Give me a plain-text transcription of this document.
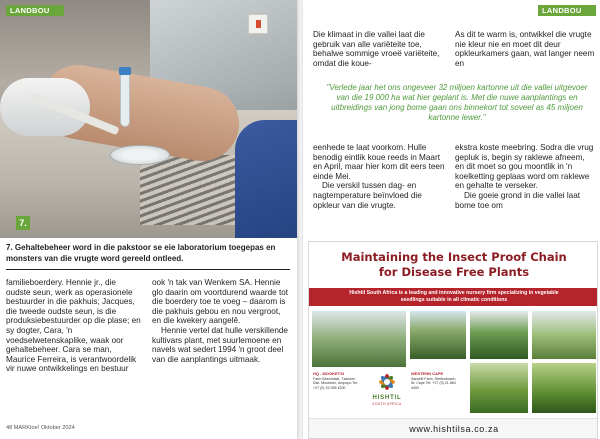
7.
LANDBOU
7. Gehaltebeheer word in die pakstoor se eie laboratorium toegepas en monsters van die vrugte word gereeld ontleed.

familieboerdery. Hennie jr., die oudste seun, werk as operasionele bestuurder in die pakhuis; Jacques, die tweede oudste seun, is die produksiebestuurder op die plase; en sy dogter, Cara, 'n voedselwetenskaplike, waak oor gehaltebeheer. Cara se man, Maurice Ferreira, is verantwoordelik vir nuwe ontwikkelings en bestuur

ook 'n tak van Wenkem SA. Hennie glo daarin om voortdurend waarde tot die boerdery toe te voeg – daarom is die pakhuis gebou en nou vergroot, en die kwekery aangelê.

Hennie vertel dat hulle verskillende kultivars plant, met suurlemoene en navels wat sedert 1994 'n groot deel van die aanplantings uitmaak.

48 MARKtoe! Oktober 2024
LANDBOU

Die klimaat in die vallei laat die gebruik van alle variëteite toe, behalwe sommige vroeë variëteite, omdat die koue-

As dit te warm is, ontwikkel die vrugte nie kleur nie en moet dit deur opkleurkamers gaan, wat langer neem en

"Verlede jaar het ons ongeveer 32 miljoen kartonne uit die vallei uitgevoer van die 19 000 ha wat hier geplant is. Met die nuwe aanplantings en uitbreidings van jong bome gaan ons binnekort tot soveel as 45 miljoen kartonne lewer."

eenhede te laat voorkom. Hulle benodig eintlik koue reeds in Maart en April, maar hier kom dit eers teen einde Mei.

Die verskil tussen dag- en nagtemperature beïnvloed die opkleur van die vrugte.

ekstra koste meebring. Sodra die vrug gepluk is, begin sy raklewe afneem, en dit moet so gou moontlik in 'n koelketting geplaas word om raklewe en gehalte te verseker.

Die goeie grond in die vallei laat bome toe om

Maintaining the Insect Proof Chain
for Disease Free Plants
Hishtil South Africa is a leading and innovative nursery firm specializing in vegetable seedlings suitable in all climatic conditions
HQ - MOOKETSI
Farm Beechdale, Tzaneen Dist. Mooketsi, Limpopo Tel: +27 (0) 15 395 4200
HISHTIL
SOUTH AFRICA
WESTERN CAPE
Sandrift Farm, Stellenbosch, W. Cape Tel: +27 (0) 21 884 4400
www.hishtilsa.co.za
